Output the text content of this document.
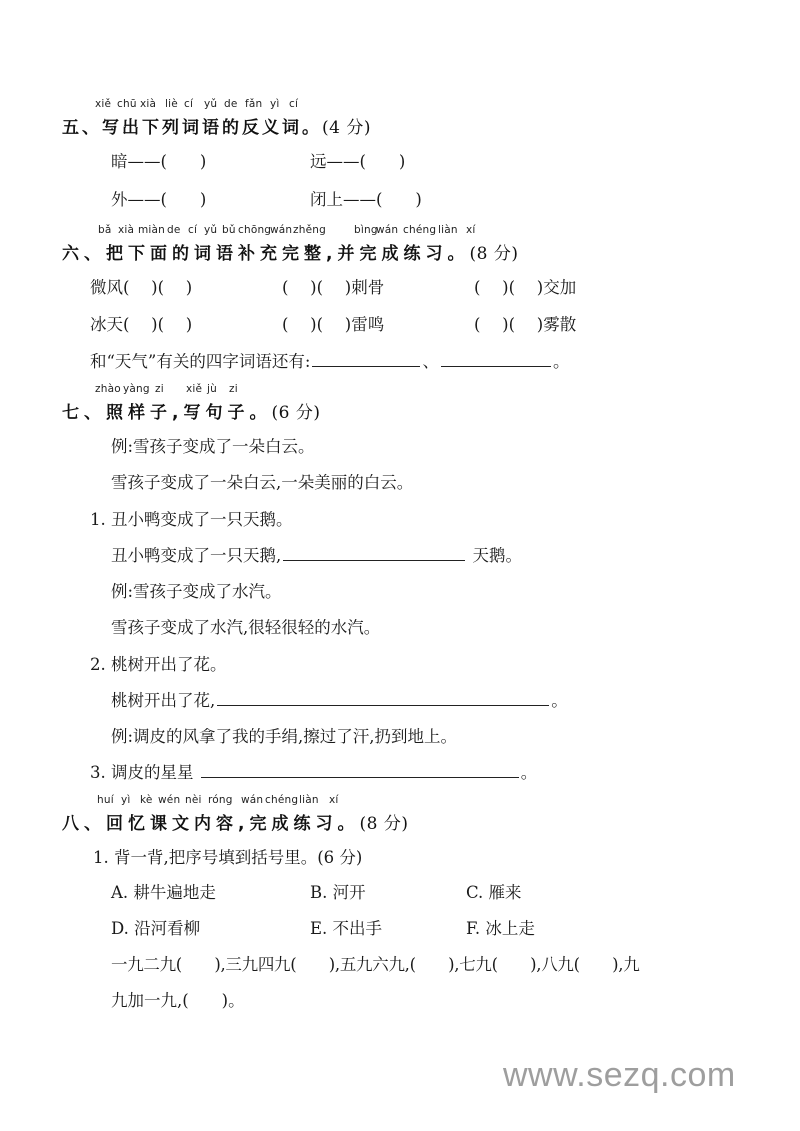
xiě chū xià liè cí yǔ de fǎn yì cí
五、写出下列词语的反义词。(4 分)
暗——(　　)	远——(　　)
外——(　　)	闭上——(　　)
bǎ xià miàn de cí yǔ bǔ chōng
wán zhěng	bìng
wán chéng liàn xí
六、把下面的词语补充完整,并完成练习。(8 分)
微风(　 )(　 )	(　 )(　 )刺骨	(　 )(　 )交加
冰天(　 )(　 )	(　 )(　 )雷鸣	(　 )(　 )雾散
和“天气”有关的四字词语还有:	、	。
zhào yàng zi xiě jù zi
七、照样子,写句子。(6 分)
例:雪孩子变成了一朵白云。
雪孩子变成了一朵白云,一朵美丽的白云。
1. 丑小鸭变成了一只天鹅。
丑小鸭变成了一只天鹅,	天鹅。
例:雪孩子变成了水汽。
雪孩子变成了水汽,很轻很轻的水汽。
2. 桃树开出了花。
桃树开出了花,	。
例:调皮的风拿了我的手绢,擦过了汗,扔到地上。
3. 调皮的星星	。
huí yì kè wén nèi róng wán chéng liàn xí
八、回忆课文内容,完成练习。(8 分)
1. 背一背,把序号填到括号里。(6 分)
A. 耕牛遍地走	B. 河开	C. 雁来
D. 沿河看柳	E. 不出手	F. 冰上走
一九二九(　　),三九四九(　　),五九六九,(　　),七九(　　),八九(　　),九
九加一九,(　　)。
www.sezq.com
